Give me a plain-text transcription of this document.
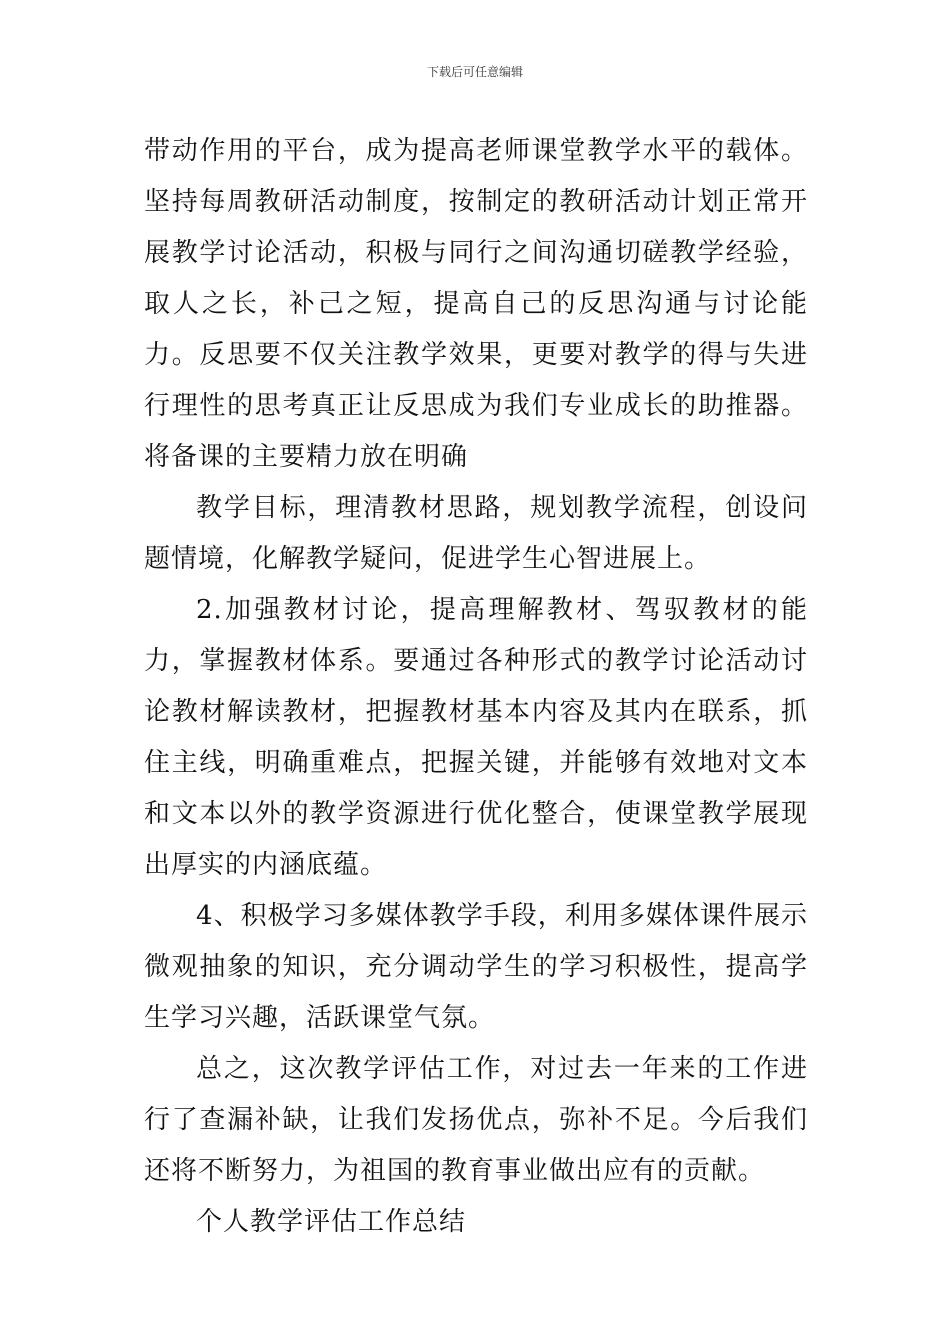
下载后可任意编辑

带动作用的平台，成为提高老师课堂教学水平的载体。坚持每周教研活动制度，按制定的教研活动计划正常开展教学讨论活动，积极与同行之间沟通切磋教学经验，取人之长，补己之短，提高自己的反思沟通与讨论能力。反思要不仅关注教学效果，更要对教学的得与失进行理性的思考真正让反思成为我们专业成长的助推器。将备课的主要精力放在明确

教学目标，理清教材思路，规划教学流程，创设问题情境，化解教学疑问，促进学生心智进展上。

2.加强教材讨论，提高理解教材、驾驭教材的能力，掌握教材体系。要通过各种形式的教学讨论活动讨论教材解读教材，把握教材基本内容及其内在联系，抓住主线，明确重难点，把握关键，并能够有效地对文本和文本以外的教学资源进行优化整合，使课堂教学展现出厚实的内涵底蕴。

4、积极学习多媒体教学手段，利用多媒体课件展示微观抽象的知识，充分调动学生的学习积极性，提高学生学习兴趣，活跃课堂气氛。

总之，这次教学评估工作，对过去一年来的工作进行了查漏补缺，让我们发扬优点，弥补不足。今后我们还将不断努力，为祖国的教育事业做出应有的贡献。

个人教学评估工作总结
